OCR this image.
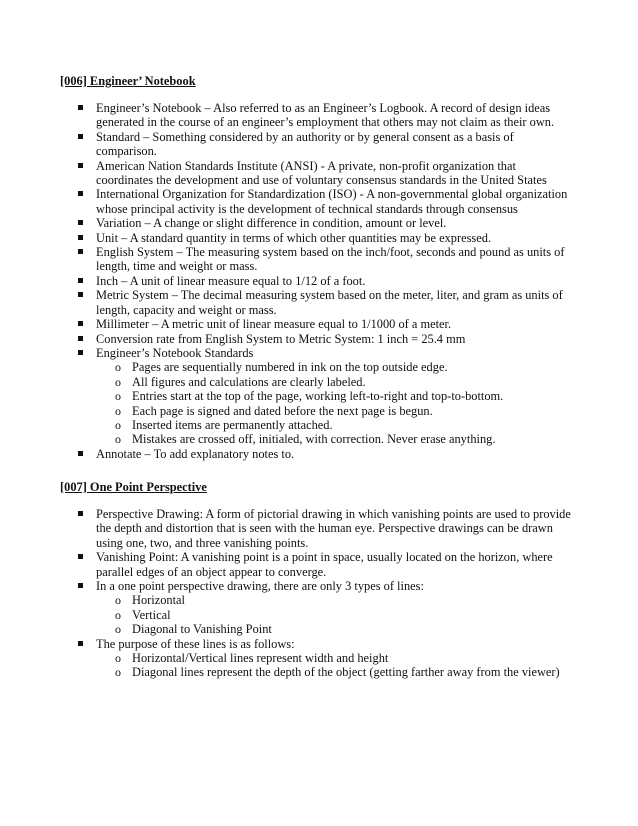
[006] Engineer’ Notebook
Engineer’s Notebook – Also referred to as an Engineer’s Logbook. A record of design ideas generated in the course of an engineer’s employment that others may not claim as their own.
Standard – Something considered by an authority or by general consent as a basis of comparison.
American Nation Standards Institute (ANSI) - A private, non-profit organization that coordinates the development and use of voluntary consensus standards in the United States
International Organization for Standardization (ISO) - A non-governmental global organization whose principal activity is the development of technical standards through consensus
Variation – A change or slight difference in condition, amount or level.
Unit – A standard quantity in terms of which other quantities may be expressed.
English System – The measuring system based on the inch/foot, seconds and pound as units of length, time and weight or mass.
Inch – A unit of linear measure equal to 1/12 of a foot.
Metric System – The decimal measuring system based on the meter, liter, and gram as units of length, capacity and weight or mass.
Millimeter – A metric unit of linear measure equal to 1/1000 of a meter.
Conversion rate from English System to Metric System: 1 inch = 25.4 mm
Engineer’s Notebook Standards
o Pages are sequentially numbered in ink on the top outside edge.
o All figures and calculations are clearly labeled.
o Entries start at the top of the page, working left-to-right and top-to-bottom.
o Each page is signed and dated before the next page is begun.
o Inserted items are permanently attached.
o Mistakes are crossed off, initialed, with correction. Never erase anything.
Annotate – To add explanatory notes to.
[007] One Point Perspective
Perspective Drawing: A form of pictorial drawing in which vanishing points are used to provide the depth and distortion that is seen with the human eye. Perspective drawings can be drawn using one, two, and three vanishing points.
Vanishing Point: A vanishing point is a point in space, usually located on the horizon, where parallel edges of an object appear to converge.
In a one point perspective drawing, there are only 3 types of lines:
o Horizontal
o Vertical
o Diagonal to Vanishing Point
The purpose of these lines is as follows:
o Horizontal/Vertical lines represent width and height
o Diagonal lines represent the depth of the object (getting farther away from the viewer)
